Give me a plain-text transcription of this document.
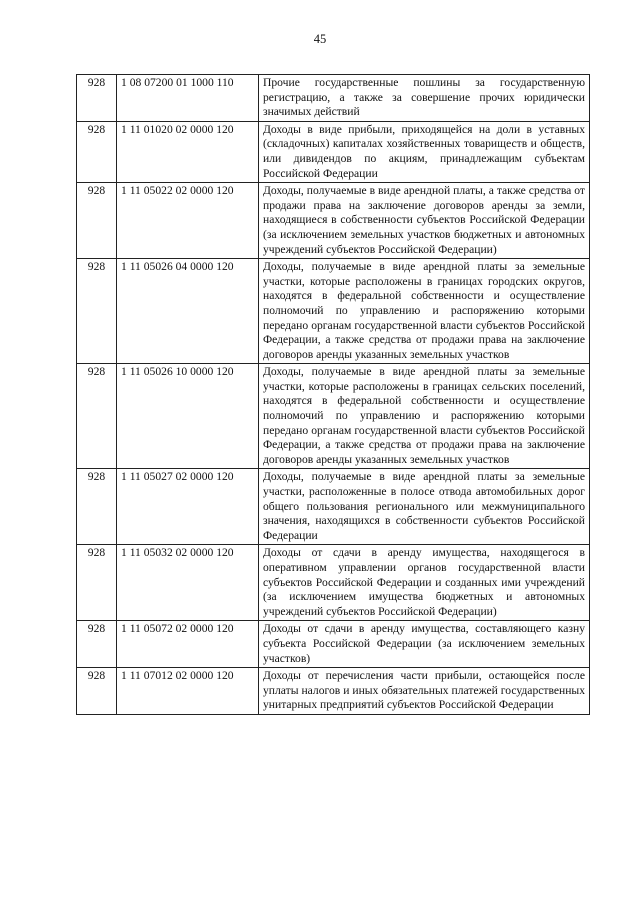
45
928	1 08 07200 01 1000 110	Прочие государственные пошлины за государственную регистрацию, а также за совершение прочих юридически значимых действий
928	1 11 01020 02 0000 120	Доходы в виде прибыли, приходящейся на доли в уставных (складочных) капиталах хозяйственных товариществ и обществ, или дивидендов по акциям, принадлежащим субъектам Российской Федерации
928	1 11 05022 02 0000 120	Доходы, получаемые в виде арендной платы, а также средства от продажи права на заключение договоров аренды за земли, находящиеся в собственности субъектов Российской Федерации (за исключением земельных участков бюджетных и автономных учреждений субъектов Российской Федерации)
928	1 11 05026 04 0000 120	Доходы, получаемые в виде арендной платы за земельные участки, которые расположены в границах городских округов, находятся в федеральной собственности и осуществление полномочий по управлению и распоряжению которыми передано органам государственной власти субъектов Российской Федерации, а также средства от продажи права на заключение договоров аренды указанных земельных участков
928	1 11 05026 10 0000 120	Доходы, получаемые в виде арендной платы за земельные участки, которые расположены в границах сельских поселений, находятся в федеральной собственности и осуществление полномочий по управлению и распоряжению которыми передано органам государственной власти субъектов Российской Федерации, а также средства от продажи права на заключение договоров аренды указанных земельных участков
928	1 11 05027 02 0000 120	Доходы, получаемые в виде арендной платы за земельные участки, расположенные в полосе отвода автомобильных дорог общего пользования регионального или межмуниципального значения, находящихся в собственности субъектов Российской Федерации
928	1 11 05032 02 0000 120	Доходы от сдачи в аренду имущества, находящегося в оперативном управлении органов государственной власти субъектов Российской Федерации и созданных ими учреждений (за исключением имущества бюджетных и автономных учреждений субъектов Российской Федерации)
928	1 11 05072 02 0000 120	Доходы от сдачи в аренду имущества, составляющего казну субъекта Российской Федерации (за исключением земельных участков)
928	1 11 07012 02 0000 120	Доходы от перечисления части прибыли, остающейся после уплаты налогов и иных обязательных платежей государственных унитарных предприятий субъектов Российской Федерации
